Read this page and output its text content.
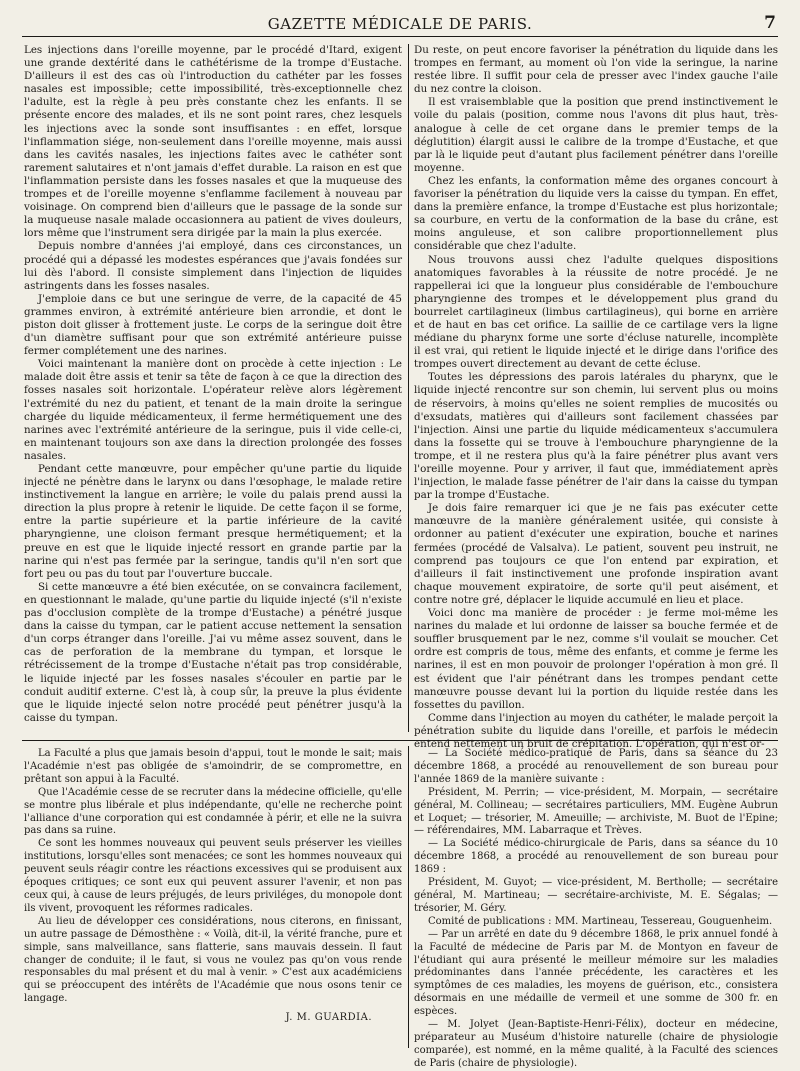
GAZETTE MÉDICALE DE PARIS.	7

Les injections dans l'oreille moyenne, par le procédé d'Itard, exigent une grande dextérité dans le cathétérisme de la trompe d'Eustache. D'ailleurs il est des cas où l'introduction du cathéter par les fosses nasales est impossible; cette impossibilité, très-exceptionnelle chez l'adulte, est la règle à peu près constante chez les enfants. Il se présente encore des malades, et ils ne sont point rares, chez lesquels les injections avec la sonde sont insuffisantes : en effet, lorsque l'inflammation siége, non-seulement dans l'oreille moyenne, mais aussi dans les cavités nasales, les injections faites avec le cathéter sont rarement salutaires et n'ont jamais d'effet durable. La raison en est que l'inflammation persiste dans les fosses nasales et que la muqueuse des trompes et de l'oreille moyenne s'enflamme facilement à nouveau par voisinage. On comprend bien d'ailleurs que le passage de la sonde sur la muqueuse nasale malade occasionnera au patient de vives douleurs, lors même que l'instrument sera dirigée par la main la plus exercée.

Depuis nombre d'années j'ai employé, dans ces circonstances, un procédé qui a dépassé les modestes espérances que j'avais fondées sur lui dès l'abord. Il consiste simplement dans l'injection de liquides astringents dans les fosses nasales.

J'emploie dans ce but une seringue de verre, de la capacité de 45 grammes environ, à extrémité antérieure bien arrondie, et dont le piston doit glisser à frottement juste. Le corps de la seringue doit être d'un diamètre suffisant pour que son extrémité antérieure puisse fermer complétement une des narines.

Voici maintenant la manière dont on procède à cette injection : Le malade doit être assis et tenir sa tête de façon à ce que la direction des fosses nasales soit horizontale. L'opérateur relève alors légèrement l'extrémité du nez du patient, et tenant de la main droite la seringue chargée du liquide médicamenteux, il ferme hermétiquement une des narines avec l'extrémité antérieure de la seringue, puis il vide celle-ci, en maintenant toujours son axe dans la direction prolongée des fosses nasales.

Pendant cette manœuvre, pour empêcher qu'une partie du liquide injecté ne pénètre dans le larynx ou dans l'œsophage, le malade retire instinctivement la langue en arrière; le voile du palais prend aussi la direction la plus propre à retenir le liquide. De cette façon il se forme, entre la partie supérieure et la partie inférieure de la cavité pharyngienne, une cloison fermant presque hermétiquement; et la preuve en est que le liquide injecté ressort en grande partie par la narine qui n'est pas fermée par la seringue, tandis qu'il n'en sort que fort peu ou pas du tout par l'ouverture buccale.

Si cette manœuvre a été bien exécutée, on se convaincra facilement, en questionnant le malade, qu'une partie du liquide injecté (s'il n'existe pas d'occlusion complète de la trompe d'Eustache) a pénétré jusque dans la caisse du tympan, car le patient accuse nettement la sensation d'un corps étranger dans l'oreille. J'ai vu même assez souvent, dans le cas de perforation de la membrane du tympan, et lorsque le rétrécissement de la trompe d'Eustache n'était pas trop considérable, le liquide injecté par les fosses nasales s'écouler en partie par le conduit auditif externe. C'est là, à coup sûr, la preuve la plus évidente que le liquide injecté selon notre procédé peut pénétrer jusqu'à la caisse du tympan.

Du reste, on peut encore favoriser la pénétration du liquide dans les trompes en fermant, au moment où l'on vide la seringue, la narine restée libre. Il suffit pour cela de presser avec l'index gauche l'aile du nez contre la cloison.

Il est vraisemblable que la position que prend instinctivement le voile du palais (position, comme nous l'avons dit plus haut, très-analogue à celle de cet organe dans le premier temps de la déglutition) élargit aussi le calibre de la trompe d'Eustache, et que par là le liquide peut d'autant plus facilement pénétrer dans l'oreille moyenne.

Chez les enfants, la conformation même des organes concourt à favoriser la pénétration du liquide vers la caisse du tympan. En effet, dans la première enfance, la trompe d'Eustache est plus horizontale; sa courbure, en vertu de la conformation de la base du crâne, est moins anguleuse, et son calibre proportionnellement plus considérable que chez l'adulte.

Nous trouvons aussi chez l'adulte quelques dispositions anatomiques favorables à la réussite de notre procédé. Je ne rappellerai ici que la longueur plus considérable de l'embouchure pharyngienne des trompes et le développement plus grand du bourrelet cartilagineux (limbus cartilagineus), qui borne en arrière et de haut en bas cet orifice. La saillie de ce cartilage vers la ligne médiane du pharynx forme une sorte d'écluse naturelle, incomplète il est vrai, qui retient le liquide injecté et le dirige dans l'orifice des trompes ouvert directement au devant de cette écluse.

Toutes les dépressions des parois latérales du pharynx, que le liquide injecté rencontre sur son chemin, lui servent plus ou moins de réservoirs, à moins qu'elles ne soient remplies de mucosités ou d'exsudats, matières qui d'ailleurs sont facilement chassées par l'injection. Ainsi une partie du liquide médicamenteux s'accumulera dans la fossette qui se trouve à l'embouchure pharyngienne de la trompe, et il ne restera plus qu'à la faire pénétrer plus avant vers l'oreille moyenne. Pour y arriver, il faut que, immédiatement après l'injection, le malade fasse pénétrer de l'air dans la caisse du tympan par la trompe d'Eustache.

Je dois faire remarquer ici que je ne fais pas exécuter cette manœuvre de la manière généralement usitée, qui consiste à ordonner au patient d'exécuter une expiration, bouche et narines fermées (procédé de Valsalva). Le patient, souvent peu instruit, ne comprend pas toujours ce que l'on entend par expiration, et d'ailleurs il fait instinctivement une profonde inspiration avant chaque mouvement expiratoire, de sorte qu'il peut aisément, et contre notre gré, déplacer le liquide accumulé en lieu et place.

Voici donc ma manière de procéder : je ferme moi-même les narines du malade et lui ordonne de laisser sa bouche fermée et de souffler brusquement par le nez, comme s'il voulait se moucher. Cet ordre est compris de tous, même des enfants, et comme je ferme les narines, il est en mon pouvoir de prolonger l'opération à mon gré. Il est évident que l'air pénétrant dans les trompes pendant cette manœuvre pousse devant lui la portion du liquide restée dans les fossettes du pavillon.

Comme dans l'injection au moyen du cathéter, le malade perçoit la pénétration subite du liquide dans l'oreille, et parfois le médecin entend nettement un bruit de crépitation. L'opération, qui n'est or-

La Faculté a plus que jamais besoin d'appui, tout le monde le sait; mais l'Académie n'est pas obligée de s'amoindrir, de se compromettre, en prêtant son appui à la Faculté.

Que l'Académie cesse de se recruter dans la médecine officielle, qu'elle se montre plus libérale et plus indépendante, qu'elle ne recherche point l'alliance d'une corporation qui est condamnée à périr, et elle ne la suivra pas dans sa ruine.

Ce sont les hommes nouveaux qui peuvent seuls préserver les vieilles institutions, lorsqu'elles sont menacées; ce sont les hommes nouveaux qui peuvent seuls réagir contre les réactions excessives qui se produisent aux époques critiques; ce sont eux qui peuvent assurer l'avenir, et non pas ceux qui, à cause de leurs préjugés, de leurs priviléges, du monopole dont ils vivent, provoquent les réformes radicales.

Au lieu de développer ces considérations, nous citerons, en finissant, un autre passage de Démosthène : « Voilà, dit-il, la vérité franche, pure et simple, sans malveillance, sans flatterie, sans mauvais dessein. Il faut changer de conduite; il le faut, si vous ne voulez pas qu'on vous rende responsables du mal présent et du mal à venir. » C'est aux académiciens qui se préoccupent des intérêts de l'Académie que nous osons tenir ce langage.

J. M. GUARDIA.

— La Société médico-pratique de Paris, dans sa séance du 23 décembre 1868, a procédé au renouvellement de son bureau pour l'année 1869 de la manière suivante :

Président, M. Perrin; — vice-président, M. Morpain, — secrétaire général, M. Collineau; — secrétaires particuliers, MM. Eugène Aubrun et Loquet; — trésorier, M. Ameuille; — archiviste, M. Buot de l'Epine; — référendaires, MM. Labarraque et Trèves.

— La Société médico-chirurgicale de Paris, dans sa séance du 10 décembre 1868, a procédé au renouvellement de son bureau pour 1869 :

Président, M. Guyot; — vice-président, M. Bertholle; — secrétaire général, M. Martineau; — secrétaire-archiviste, M. E. Ségalas; — trésorier, M. Géry.

Comité de publications : MM. Martineau, Tessereau, Gouguenheim.

— Par un arrêté en date du 9 décembre 1868, le prix annuel fondé à la Faculté de médecine de Paris par M. de Montyon en faveur de l'étudiant qui aura présenté le meilleur mémoire sur les maladies prédominantes dans l'année précédente, les caractères et les symptômes de ces maladies, les moyens de guérison, etc., consistera désormais en une médaille de vermeil et une somme de 300 fr. en espèces.

— M. Jolyet (Jean-Baptiste-Henri-Félix), docteur en médecine, préparateur au Muséum d'histoire naturelle (chaire de physiologie comparée), est nommé, en la même qualité, à la Faculté des sciences de Paris (chaire de physiologie).
